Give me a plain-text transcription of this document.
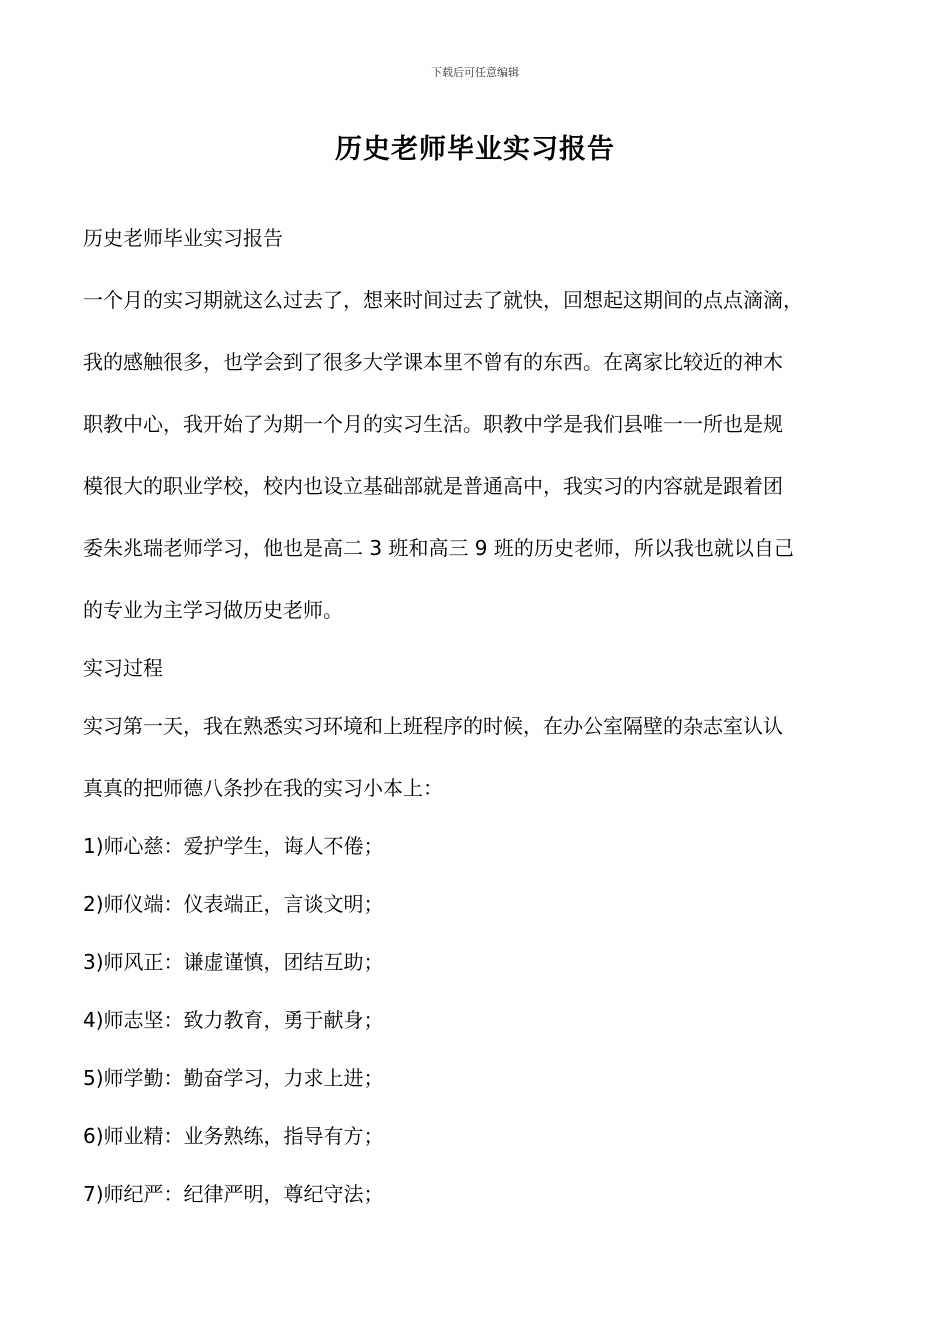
下载后可任意编辑
历史老师毕业实习报告
历史老师毕业实习报告
一个月的实习期就这么过去了，想来时间过去了就快，回想起这期间的点点滴滴，
我的感触很多，也学会到了很多大学课本里不曾有的东西。在离家比较近的神木
职教中心，我开始了为期一个月的实习生活。职教中学是我们县唯一一所也是规
模很大的职业学校，校内也设立基础部就是普通高中，我实习的内容就是跟着团
委朱兆瑞老师学习，他也是高二 3 班和高三 9 班的历史老师，所以我也就以自己
的专业为主学习做历史老师。
实习过程
实习第一天，我在熟悉实习环境和上班程序的时候，在办公室隔壁的杂志室认认
真真的把师德八条抄在我的实习小本上：
1)师心慈：爱护学生，诲人不倦；
2)师仪端：仪表端正，言谈文明；
3)师风正：谦虚谨慎，团结互助；
4)师志坚：致力教育，勇于献身；
5)师学勤：勤奋学习，力求上进；
6)师业精：业务熟练，指导有方；
7)师纪严：纪律严明，尊纪守法；
